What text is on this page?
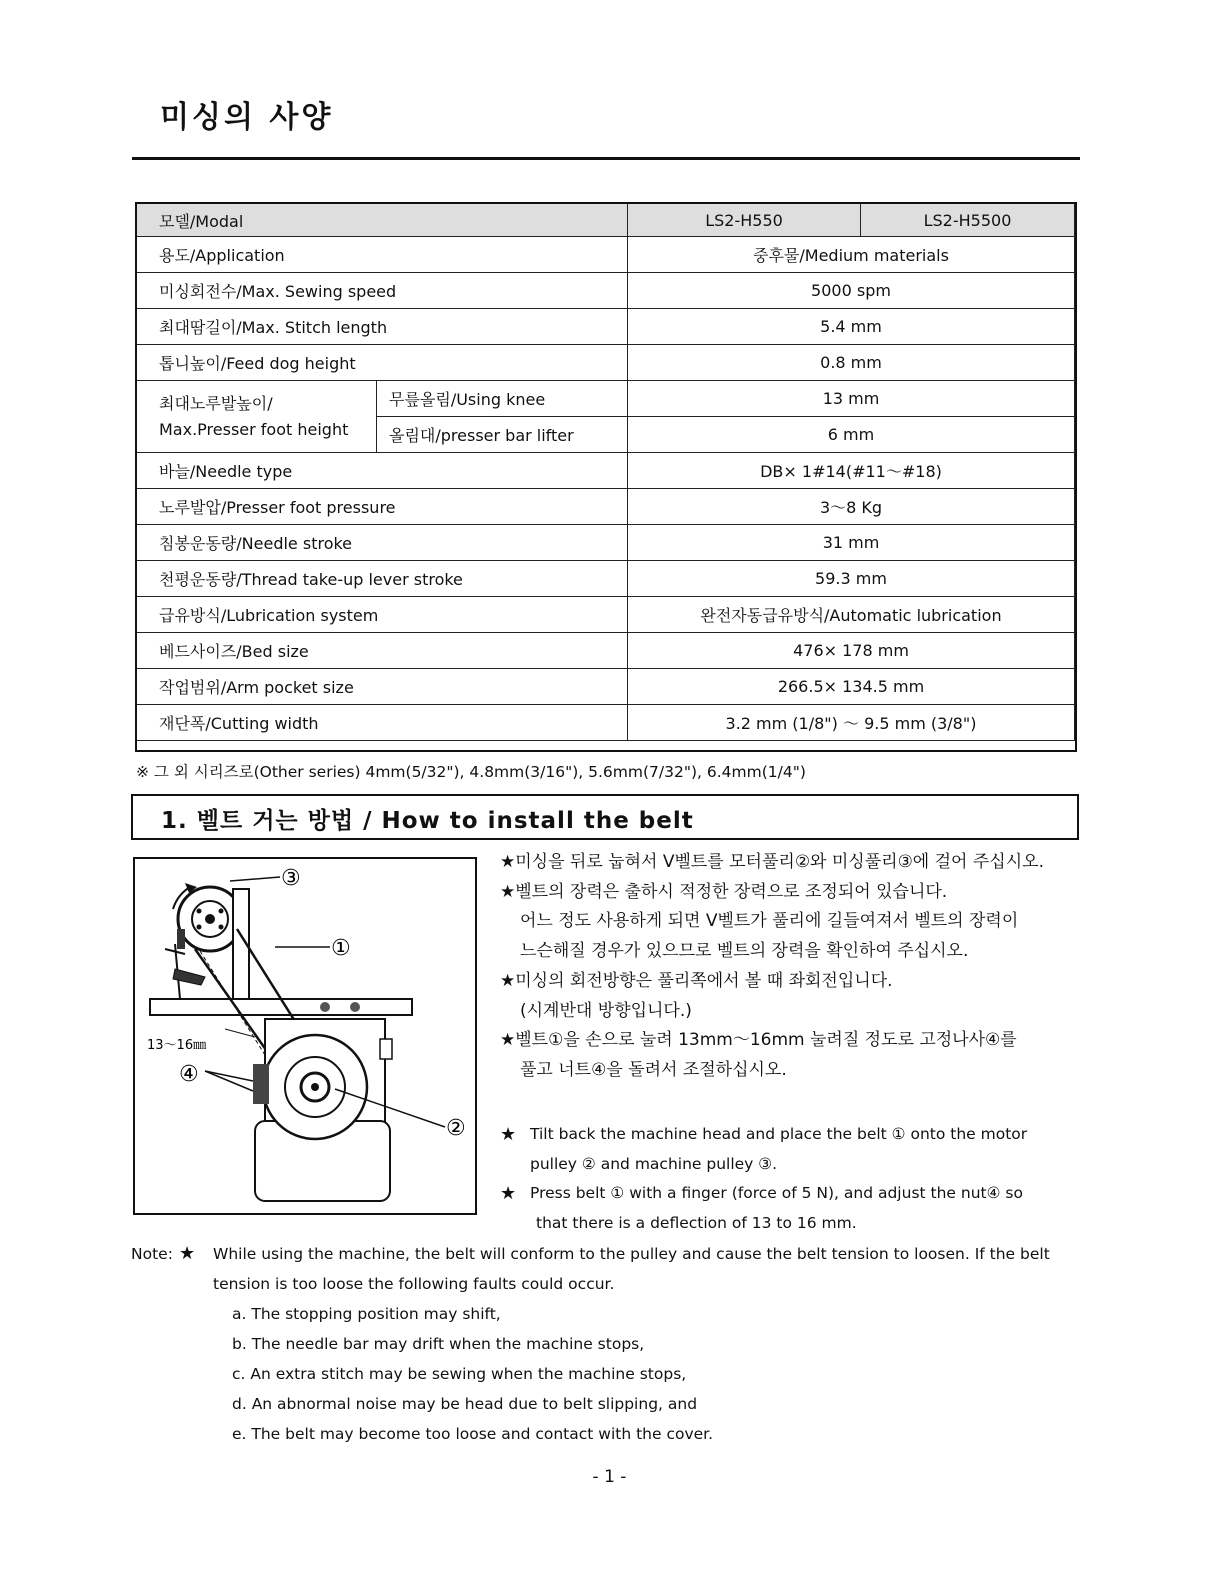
미싱의 사양
모델/Modal		LS2-H550	LS2-H5500
용도/Application		중후물/Medium materials	
미싱회전수/Max. Sewing speed		5000 spm	
최대땀길이/Max. Stitch length		5.4 mm	
톱니높이/Feed dog height		0.8 mm	

최대노루발높이/
Max.Presser foot height	무릎올림/Using knee	13 mm	
	올림대/presser bar lifter	6 mm	
바늘/Needle type		DB× 1#14(#11～#18)	
노루발압/Presser foot pressure		3～8 Kg	
침봉운동량/Needle stroke		31 mm	
천평운동량/Thread take-up lever stroke		59.3 mm	
급유방식/Lubrication system		완전자동급유방식/Automatic lubrication	
베드사이즈/Bed size		476× 178 mm	
작업범위/Arm pocket size		266.5× 134.5 mm	
재단폭/Cutting width		3.2 mm (1/8") ～ 9.5 mm (3/8")	
※ 그 외 시리즈로(Other series) 4mm(5/32"), 4.8mm(3/16"), 5.6mm(7/32"), 6.4mm(1/4")
1. 벨트 거는 방법 / How to install the belt
③
①
④
②
13～16㎜
★미싱을 뒤로 눕혀서 V벨트를 모터풀리②와 미싱풀리③에 걸어 주십시오.
★벨트의 장력은 출하시 적정한 장력으로 조정되어 있습니다.
어느 정도 사용하게 되면 V벨트가 풀리에 길들여져서 벨트의 장력이
느슨해질 경우가 있으므로 벨트의 장력을 확인하여 주십시오.
★미싱의 회전방향은 풀리쪽에서 볼 때 좌회전입니다.
(시계반대 방향입니다.)
★벨트①을 손으로 눌려 13mm～16mm 눌려질 정도로 고정나사④를
풀고 너트④을 돌려서 조절하십시오.
★ Tilt back the machine head and place the belt ① onto the motor
pulley ② and machine pulley ③.
★ Press belt ① with a finger (force of 5 N), and adjust the nut④ so
that there is a deflection of 13 to 16 mm.
Note: ★	While using the machine, the belt will conform to the pulley and cause the belt tension to loosen. If the belt
tension is too loose the following faults could occur.
a. The stopping position may shift,
b. The needle bar may drift when the machine stops,
c. An extra stitch may be sewing when the machine stops,
d. An abnormal noise may be head due to belt slipping, and
e. The belt may become too loose and contact with the cover.
- 1 -
